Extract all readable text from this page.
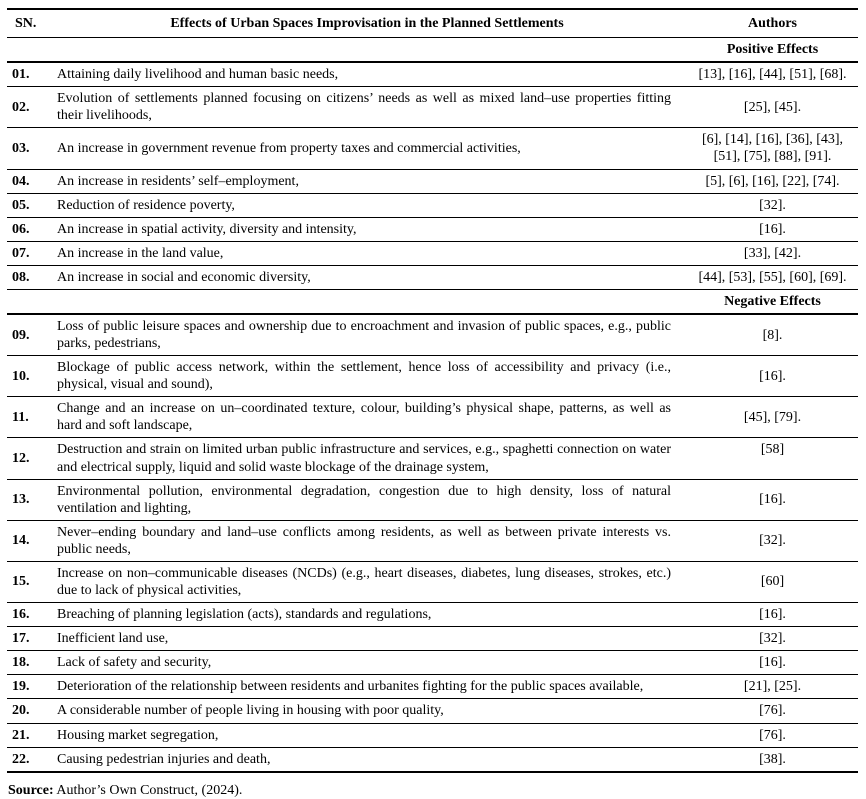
SN.	Effects of Urban Spaces Improvisation in the Planned Settlements	Authors
		Positive Effects
01.	Attaining daily livelihood and human basic needs,	[13], [16], [44], [51], [68].
02.	Evolution of settlements planned focusing on citizens’ needs as well as mixed land–use properties fitting their livelihoods,	[25], [45].
03.	An increase in government revenue from property taxes and commercial activities,	[6], [14], [16], [36], [43], [51], [75], [88], [91].
04.	An increase in residents’ self–employment,	[5], [6], [16], [22], [74].
05.	Reduction of residence poverty,	[32].
06.	An increase in spatial activity, diversity and intensity,	[16].
07.	An increase in the land value,	[33], [42].
08.	An increase in social and economic diversity,	[44], [53], [55], [60], [69].
		Negative Effects
09.	Loss of public leisure spaces and ownership due to encroachment and invasion of public spaces, e.g., public parks, pedestrians,	[8].
10.	Blockage of public access network, within the settlement, hence loss of accessibility and privacy (i.e., physical, visual and sound),	[16].
11.	Change and an increase on un–coordinated texture, colour, building’s physical shape, patterns, as well as hard and soft landscape,	[45], [79].
12.	Destruction and strain on limited urban public infrastructure and services, e.g., spaghetti connection on water and electrical supply, liquid and solid waste blockage of the drainage system,	[58]
13.	Environmental pollution, environmental degradation, congestion due to high density, loss of natural ventilation and lighting,	[16].
14.	Never–ending boundary and land–use conflicts among residents, as well as between private interests vs. public needs,	[32].
15.	Increase on non–communicable diseases (NCDs) (e.g., heart diseases, diabetes, lung diseases, strokes, etc.) due to lack of physical activities,	[60]
16.	Breaching of planning legislation (acts), standards and regulations,	[16].
17.	Inefficient land use,	[32].
18.	Lack of safety and security,	[16].
19.	Deterioration of the relationship between residents and urbanites fighting for the public spaces available,	[21], [25].
20.	A considerable number of people living in housing with poor quality,	[76].
21.	Housing market segregation,	[76].
22.	Causing pedestrian injuries and death,	[38].
Source: Author’s Own Construct, (2024).
